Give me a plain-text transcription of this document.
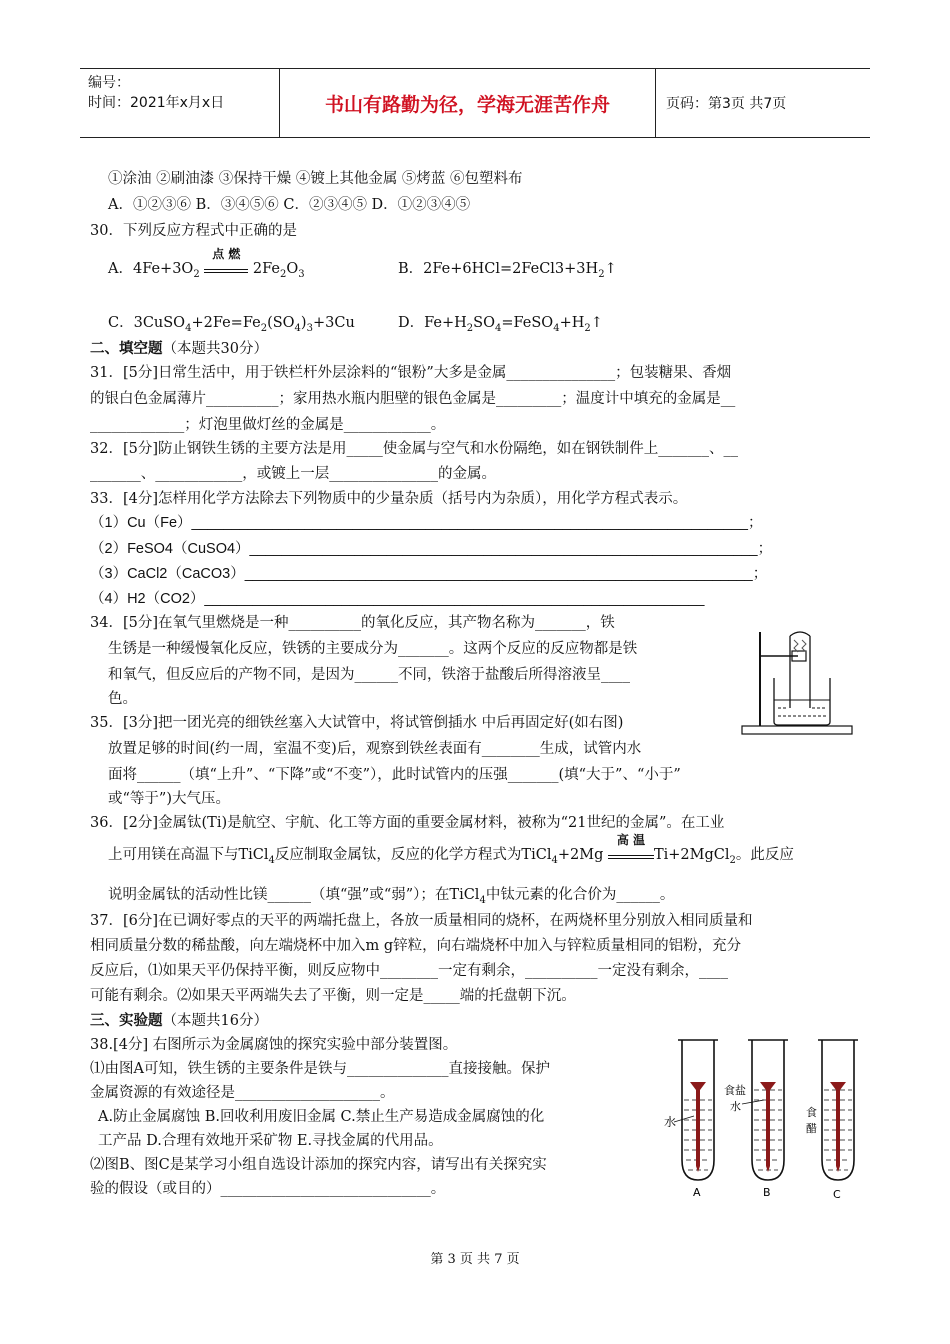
编号：
时间：2021年x月x日	书山有路勤为径，学海无涯苦作舟	页码：第3页 共7页
①涂油 ②刷油漆 ③保持干燥 ④镀上其他金属 ⑤烤蓝 ⑥包塑料布
A．①②③⑥ B．③④⑤⑥ C．②③④⑤ D．①②③④⑤
30．下列反应方程式中正确的是
A．$4Fe+3O_2$
点 燃
$2Fe_2O_3$	B．$2Fe+6HCl=2FeCl3+3H_2↑$
C．$3CuSO_4+2Fe=Fe_2(SO_4)_3+3Cu$	D．$Fe+H_2SO_4=FeSO_4+H_2↑$
二、填空题（本题共30分）
31．[5分]日常生活中，用于铁栏杆外层涂料的“银粉”大多是金属_______________；包装糖果、香烟
的银白色金属薄片__________；家用热水瓶内胆壁的银色金属是_________；温度计中填充的金属是__
_____________；灯泡里做灯丝的金属是____________。
32．[5分]防止钢铁生锈的主要方法是用_____使金属与空气和水份隔绝，如在钢铁制件上_______、__
_______、____________，或镀上一层_______________的金属。
33．[4分]怎样用化学方法除去下列物质中的少量杂质（括号内为杂质），用化学方程式表示。
（1）Cu（Fe）_____________________________________________________________________；
（2）FeSO4（CuSO4）_______________________________________________________________；
（3）CaCl2（CaCO3）_______________________________________________________________；
（4）H2（CO2）______________________________________________________________
34．[5分]在氧气里燃烧是一种__________的氧化反应，其产物名称为_______，铁
生锈是一种缓慢氧化反应，铁锈的主要成分为_______。这两个反应的反应物都是铁
和氧气，但反应后的产物不同，是因为______不同，铁溶于盐酸后所得溶液呈____
色。
35．[3分]把一团光亮的细铁丝塞入大试管中，将试管倒插水 中后再固定好(如右图)
放置足够的时间(约一周，室温不变)后，观察到铁丝表面有________生成，试管内水
面将______（填“上升”、“下降”或“不变”），此时试管内的压强_______(填“大于”、“小于”
或“等于”)大气压。
36．[2分]金属钛(Ti)是航空、宇航、化工等方面的重要金属材料，被称为“21世纪的金属”。在工业
上可用镁在高温下与TiCl$_4$反应制取金属钛，反应的化学方程式为TiCl$_4$+2Mg
高 温
Ti+2MgCl$_2$。此反应
说明金属钛的活动性比镁______（填“强”或“弱”）；在TiCl$_4$中钛元素的化合价为______。
37．[6分]在已调好零点的天平的两端托盘上，各放一质量相同的烧杯，在两烧杯里分别放入相同质量和
相同质量分数的稀盐酸，向左端烧杯中加入m g锌粒，向右端烧杯中加入与锌粒质量相同的铝粉，充分
反应后，⑴如果天平仍保持平衡，则反应物中________一定有剩余，__________一定没有剩余，____
可能有剩余。⑵如果天平两端失去了平衡，则一定是_____端的托盘朝下沉。
三、实验题（本题共16分）
38.[4分] 右图所示为金属腐蚀的探究实验中部分装置图。
⑴由图A可知，铁生锈的主要条件是铁与______________直接接触。保护
金属资源的有效途径是____________________。
A.防止金属腐蚀 B.回收利用废旧金属 C.禁止生产易造成金属腐蚀的化
工产品 D.合理有效地开采矿物 E.寻找金属的代用品。
⑵图B、图C是某学习小组自选设计添加的探究内容，请写出有关探究实
验的假设（或目的）_____________________________。
水
食盐
水	食
醋
A	B	C
第 3 页 共 7 页
